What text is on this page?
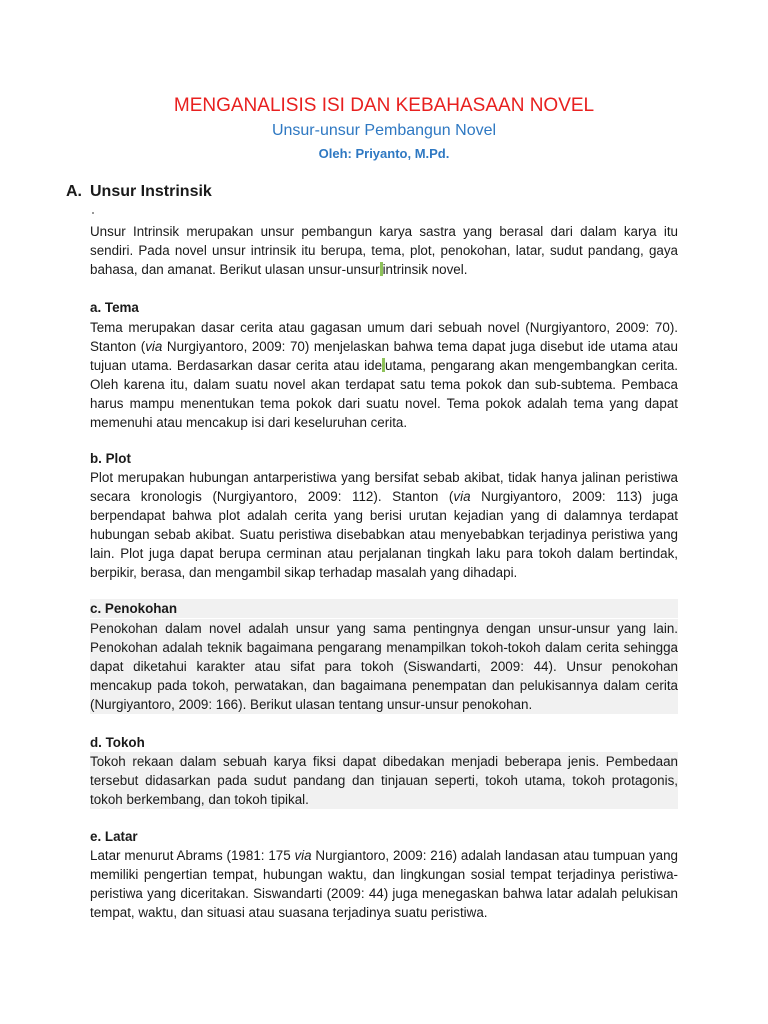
MENGANALISIS ISI DAN KEBAHASAAN NOVEL
Unsur-unsur Pembangun Novel
Oleh: Priyanto, M.Pd.
A. Unsur Instrinsik
Unsur Intrinsik merupakan unsur pembangun karya sastra yang berasal dari dalam karya itu sendiri. Pada novel unsur intrinsik itu berupa, tema, plot, penokohan, latar, sudut pandang, gaya bahasa, dan amanat. Berikut ulasan unsur-unsur intrinsik novel.
a. Tema
Tema merupakan dasar cerita atau gagasan umum dari sebuah novel (Nurgiyantoro, 2009: 70). Stanton (via Nurgiyantoro, 2009: 70) menjelaskan bahwa tema dapat juga disebut ide utama atau tujuan utama. Berdasarkan dasar cerita atau ide utama, pengarang akan mengembangkan cerita. Oleh karena itu, dalam suatu novel akan terdapat satu tema pokok dan sub-subtema. Pembaca harus mampu menentukan tema pokok dari suatu novel. Tema pokok adalah tema yang dapat memenuhi atau mencakup isi dari keseluruhan cerita.
b. Plot
Plot merupakan hubungan antarperistiwa yang bersifat sebab akibat, tidak hanya jalinan peristiwa secara kronologis (Nurgiyantoro, 2009: 112). Stanton (via Nurgiyantoro, 2009: 113) juga berpendapat bahwa plot adalah cerita yang berisi urutan kejadian yang di dalamnya terdapat hubungan sebab akibat. Suatu peristiwa disebabkan atau menyebabkan terjadinya peristiwa yang lain. Plot juga dapat berupa cerminan atau perjalanan tingkah laku para tokoh dalam bertindak, berpikir, berasa, dan mengambil sikap terhadap masalah yang dihadapi.
c. Penokohan
Penokohan dalam novel adalah unsur yang sama pentingnya dengan unsur-unsur yang lain. Penokohan adalah teknik bagaimana pengarang menampilkan tokoh-tokoh dalam cerita sehingga dapat diketahui karakter atau sifat para tokoh (Siswandarti, 2009: 44). Unsur penokohan mencakup pada tokoh, perwatakan, dan bagaimana penempatan dan pelukisannya dalam cerita (Nurgiyantoro, 2009: 166). Berikut ulasan tentang unsur-unsur penokohan.
d. Tokoh
Tokoh rekaan dalam sebuah karya fiksi dapat dibedakan menjadi beberapa jenis. Pembedaan tersebut didasarkan pada sudut pandang dan tinjauan seperti, tokoh utama, tokoh protagonis, tokoh berkembang, dan tokoh tipikal.
e. Latar
Latar menurut Abrams (1981: 175 via Nurgiantoro, 2009: 216) adalah landasan atau tumpuan yang memiliki pengertian tempat, hubungan waktu, dan lingkungan sosial tempat terjadinya peristiwa-peristiwa yang diceritakan. Siswandarti (2009: 44) juga menegaskan bahwa latar adalah pelukisan tempat, waktu, dan situasi atau suasana terjadinya suatu peristiwa.
